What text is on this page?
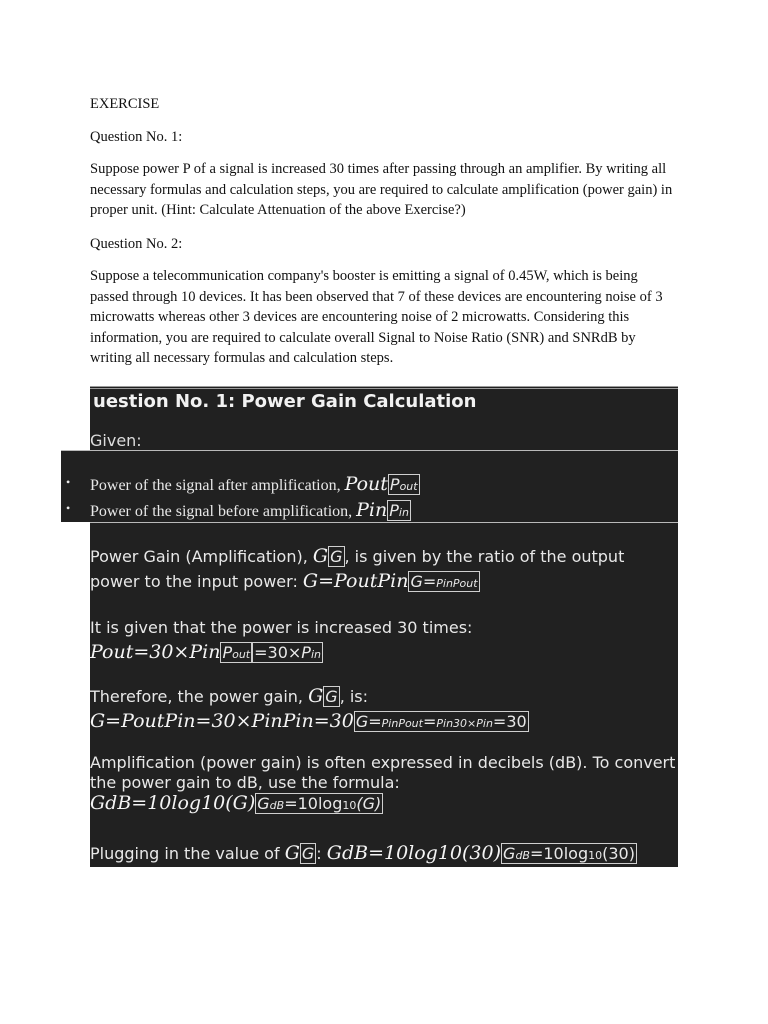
EXERCISE

Question No. 1:

Suppose power P of a signal is increased 30 times after passing through an amplifier. By writing all necessary formulas and calculation steps, you are required to calculate amplification (power gain) in proper unit. (Hint: Calculate Attenuation of the above Exercise?)

Question No. 2:

Suppose a telecommunication company's booster is emitting a signal of 0.45W, which is being passed through 10 devices. It has been observed that 7 of these devices are encountering noise of 3 microwatts whereas other 3 devices are encountering noise of 2 microwatts. Considering this information, you are required to calculate overall Signal to Noise Ratio (SNR) and SNRdB by writing all necessary formulas and calculation steps.

uestion No. 1: Power Gain Calculation
Given:
• Power of the signal after amplification, Pout Pout
• Power of the signal before amplification, Pin Pin
Power Gain (Amplification), G G , is given by the ratio of the output power to the input power: G=PoutPin G=PinPout
It is given that the power is increased 30 times: Pout=30×Pin Pout =30×Pin
Therefore, the power gain, G G , is:
G=PoutPin=30×PinPin=30 G=PinPout=Pin30×Pin=30
Amplification (power gain) is often expressed in decibels (dB). To convert the power gain to dB, use the formula:
GdB=10log10(G) GdB=10log10(G)
Plugging in the value of G G : GdB=10log10(30) GdB=10log10(30)
